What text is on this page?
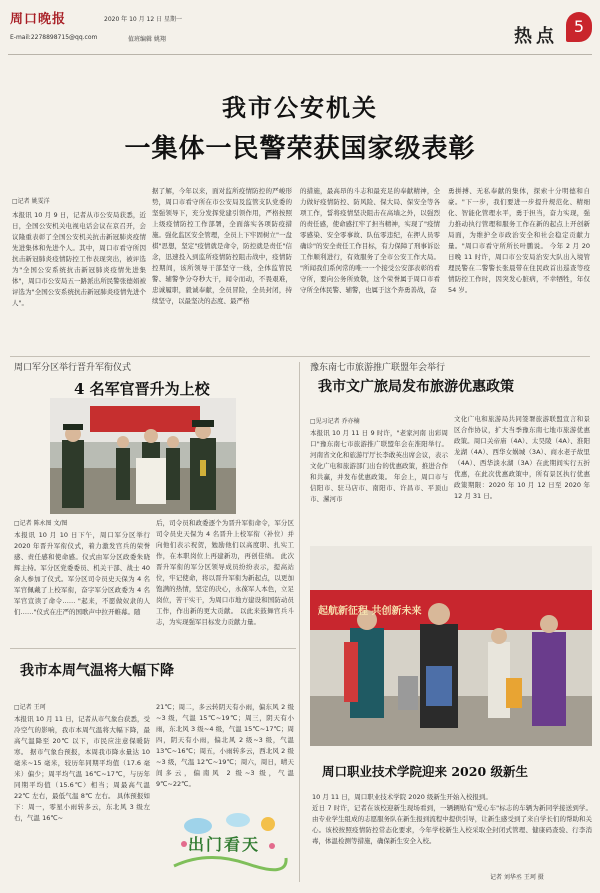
周口晚报	2020 年 10 月 12 日 星期一
E-mail:2278898715@qq.com	值班编辑 姚翔	热点 5
我市公安机关
一集体一民警荣获国家级表彰
□记者 姚雯洋
本报讯 10 月 9 日，记者从市公安局获悉，近日，全国公安机关电视电话会议在京召开，会议隆重表彰了全国公安机关抗击新冠肺炎疫情先进集体和先进个人。其中，周口市看守所因抗击新冠肺炎疫情防控工作表现突出，被评选为"全国公安系统抗击新冠肺炎疫情先进集体"，周口市公安局五一路派出所民警张德娟被评选为"全国公安系统抗击新冠肺炎疫情先进个人"。
据了解，今年以来，面对监所疫情防控的严峻形势，周口市看守所在市公安局及监管支队党委的坚强领导下，充分发挥党建引领作用，严格按照上级疫情防控工作部署，全面落实各项防疫措施。强化监区安全管理，全员上下牢固树立"一盘棋"思想，坚定"疫情就是命令，防控就是责任"信念，迅速投入到监所疫情防控阻击战中，疫情防控期间，该所领导干部坚守一线，全体监管民警、辅警争分夺秒大干，闻令而动，不畏艰难，忠诚履职，毅诚奉献，全员冒险，全员封闭，持续坚守，以最坚决的态度、最严格
的措施，最高昂的斗志和最充足的奉献精神，全力做好疫情防控、防风险、保大局、保安全等各项工作，誓将疫情坚决阻击在高墙之外，以强烈的责任感，使命感扛牢了担当精神，实现了"疫情零感染、安全零事故、队伍零违纪，在押人员零确诊"的安全责任工作目标，有力保障了刑事诉讼工作顺利进行，有效服务了全市公安工作大局。 "所闻我们系何常的唯一一个接受公安部表彰的看守所，要向公务所致敬，这个荣誉属于周口市看守所全体民警、辅警，也属于这个奔勇善战，奋
勇拼搏、无私奉献的集体，探索十分明德和自豪。"下一步，我们要进一步提升规范化、精细化、智能化管理水平，勇于担当，奋力实现，强力推动执行管理和服务工作在新的起点上开创新局面，为维护全市政治安全和社会稳定贡献力量。"周口市看守所所长叶鹏说。 今年 2 月 20 日晚 11 时许，周口市公安局治安大队出入境管理民警在二警警长张晨带在住民政首出巡查等疫情防控工作时，因突发心脏病，不幸牺牲，年仅 54 岁。
周口军分区举行晋升军衔仪式
4 名军官晋升为上校
□记者 陈永图 文/图
本报讯 10 月 10 日下午，周口军分区举行 2020 年晋升军衔仪式，着力激发官兵的荣誉感、责任感和使命感。仪式由军分区政委朱晓辉主持。军分区党委委员、机关干部、战士 40 余人参加了仪式。军分区司令员史天保为 4 名军官佩戴了上校军衔，奋字军分区政委为 4 名军官宣读了命令…… "起来，不愿做奴隶的人们……"仪式在庄严的国歌声中拉开帷幕。随
后，司令员和政委逐个为晋升军衔命令，军分区司令员史天保为 4 名晋升上校军衔（补位）并向他们表示祝贺，勉励他们以高度职、扎实工作，在本职岗位上再建新功，再创佳绩。 此次晋升军衔的军分区领导成员纷纷表示，提高站位，牢记使命，将以晋升军衔为新起点，以更加饱满的热情，坚定的决心，永葆军人本色，立足岗位，苦干实干，为周口市地方建设和国防动员工作，作出新的更大贡献。 以此来鼓舞官兵斗志，为实现强军目标发力贡献力量。
我市本周气温将大幅下降
□记者 王珂
本报讯 10 月 11 日，记者从市气象台获悉，受冷空气的影响，我市本周气温将大幅下降，最高气温降至 20℃ 以下，市民应注意保暖防寒。 据市气象台预报，本周我市降水量达 10 毫米~15 毫米，较历年同期平均值（17.6 毫米）偏少；周平均气温 16℃~17℃，与历年同期平均值（15.6℃）相当；周最高气温 22℃ 左右，最低气温 8℃ 左右。 具体预报如下：周一，零星小雨转多云，东北风 3 级左右，气温 16℃~
21℃；周二，多云转阴天有小雨，偏东风 2 级~3 级，气温 15℃~19℃；周三，阴天有小雨，东北风 3 级~4 级，气温 15℃~17℃；周四，阴天有小雨，偏北风 2 级~3 级，气温 13℃~16℃；周五，小雨转多云，西北风 2 级~3 级，气温 12℃~19℃；周六，周日，晴天间多云，偏南风 2 级~3 级，气温 9℃~22℃。
出门看天
豫东南七市旅游推广联盟年会举行
我市文广旅局发布旅游优惠政策
□见习记者 乔亦楠
本报讯 10 月 11 日 9 时许，"老家河南 出彩周口"豫东南七市旅游推广联盟年会在淮阳举行。河南省文化和旅游厅厅长李敢英出席会议，表示文化广电和旅游部门出台的优惠政策，推进合作和共赢，并发布优惠政策。 年会上，周口市与信阳市、驻马店市、南阳市、许昌市、平顶山市、漯河市
文化广电和旅游局共同签署旅游联盟宣言和景区合作协议，扩大当季豫东南七地市旅游优惠政策。周口关帝庙（4A）、太昊陵（4A）、淮阳龙湖（4A）、西华女娲城（3A）、商水老子故里（4A）、西华淡水湖（3A）在此期间实行五折优惠，在此次优惠政策中，所有景区执行优惠政策期限：2020 年 10 月 12 日至 2020 年 12 月 31 日。
起航新征程 共创新未来
周口职业技术学院迎来 2020 级新生
10 月 11 日，周口职业技术学院 2020 级新生开始入校报到。
近日 7 时许，记者在该校迎新生现场看到，一辆辆贴有"爱心车"标志的车辆为新同学接送到学。由专业学生组成的志愿服务队在新生报到流程中提供引导，让新生感受到了来自学长们的帮助和关心。该校按照疫情防控常态化要求，今年学校新生入校采取全封闭式管理、健康码查验、行李消毒，体温检测等措施，确保新生安全入校。
记者 刘华丞 王珂 摄
